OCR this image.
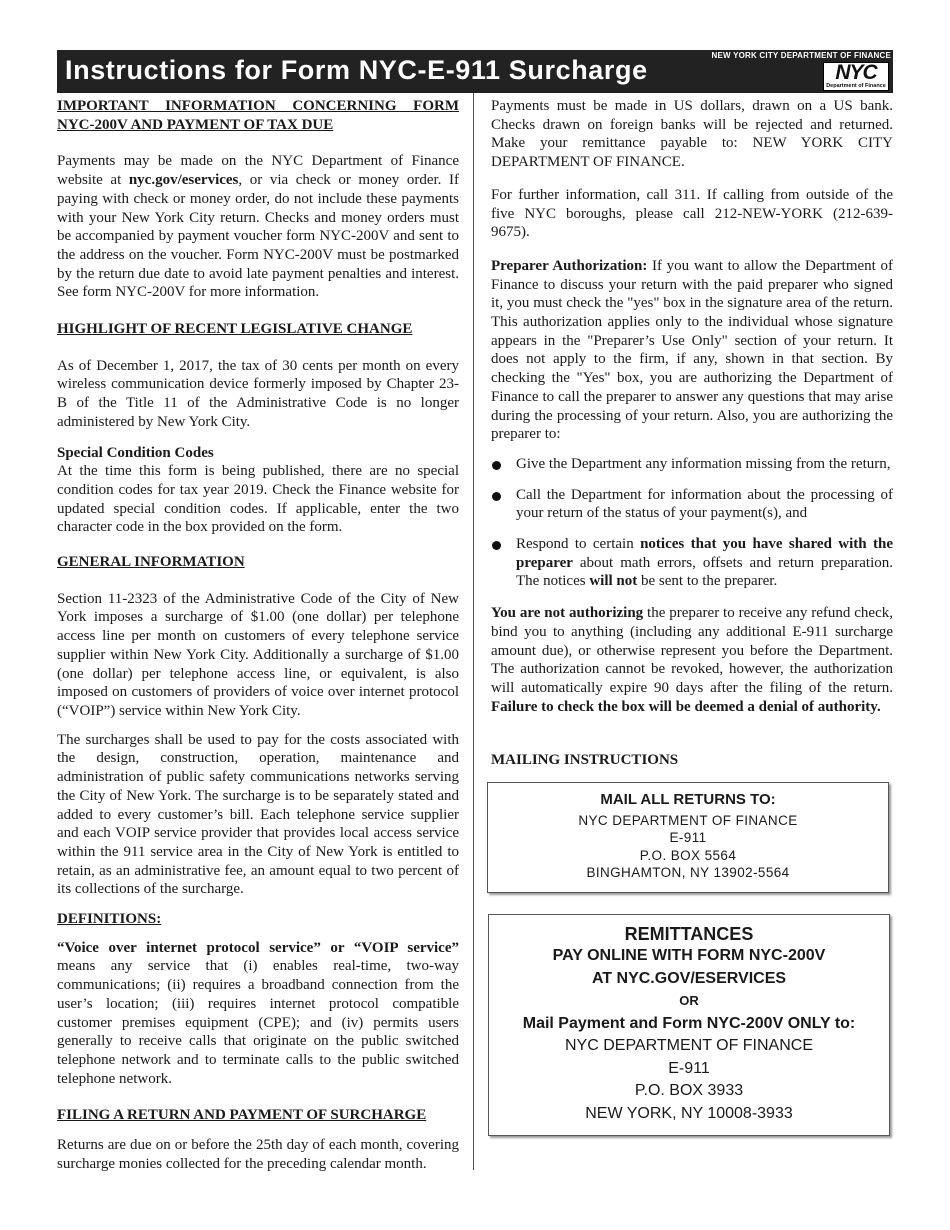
Instructions for Form NYC-E-911 Surcharge	NEW YORK CITY DEPARTMENT OF FINANCE
NYC
Department of Finance

IMPORTANT INFORMATION CONCERNING FORM NYC-200V AND PAYMENT OF TAX DUE

Payments may be made on the NYC Department of Finance website at nyc.gov/eservices, or via check or money order. If paying with check or money order, do not include these payments with your New York City return. Checks and money orders must be accompanied by payment voucher form NYC-200V and sent to the address on the voucher. Form NYC-200V must be postmarked by the return due date to avoid late payment penalties and interest. See form NYC-200V for more information.

HIGHLIGHT OF RECENT LEGISLATIVE CHANGE

As of December 1, 2017, the tax of 30 cents per month on every wireless communication device formerly imposed by Chapter 23-B of the Title 11 of the Administrative Code is no longer administered by New York City.

Special Condition Codes

At the time this form is being published, there are no special condition codes for tax year 2019. Check the Finance website for updated special condition codes. If applicable, enter the two character code in the box provided on the form.

GENERAL INFORMATION

Section 11-2323 of the Administrative Code of the City of New York imposes a surcharge of $1.00 (one dollar) per telephone access line per month on customers of every telephone service supplier within New York City. Additionally a surcharge of $1.00 (one dollar) per telephone access line, or equivalent, is also imposed on customers of providers of voice over internet protocol (“VOIP”) service within New York City.

The surcharges shall be used to pay for the costs associated with the design, construction, operation, maintenance and administration of public safety communications networks serving the City of New York. The surcharge is to be separately stated and added to every customer’s bill. Each telephone service supplier and each VOIP service provider that provides local access service within the 911 service area in the City of New York is entitled to retain, as an administrative fee, an amount equal to two percent of its collections of the surcharge.

DEFINITIONS:

“Voice over internet protocol service” or “VOIP service” means any service that (i) enables real-time, two-way communications; (ii) requires a broadband connection from the user’s location; (iii) requires internet protocol compatible customer premises equipment (CPE); and (iv) permits users generally to receive calls that originate on the public switched telephone network and to terminate calls to the public switched telephone network.

FILING A RETURN AND PAYMENT OF SURCHARGE

Returns are due on or before the 25th day of each month, covering surcharge monies collected for the preceding calendar month.

Payments must be made in US dollars, drawn on a US bank. Checks drawn on foreign banks will be rejected and returned. Make your remittance payable to: NEW YORK CITY DEPARTMENT OF FINANCE.

For further information, call 311. If calling from outside of the five NYC boroughs, please call 212-NEW-YORK (212-639-9675).

Preparer Authorization: If you want to allow the Department of Finance to discuss your return with the paid preparer who signed it, you must check the "yes" box in the signature area of the return. This authorization applies only to the individual whose signature appears in the "Preparer’s Use Only" section of your return. It does not apply to the firm, if any, shown in that section. By checking the "Yes" box, you are authorizing the Department of Finance to call the preparer to answer any questions that may arise during the processing of your return. Also, you are authorizing the preparer to:

Give the Department any information missing from the return,
Call the Department for information about the processing of your return of the status of your payment(s), and
Respond to certain notices that you have shared with the preparer about math errors, offsets and return preparation. The notices will not be sent to the preparer.

You are not authorizing the preparer to receive any refund check, bind you to anything (including any additional E-911 surcharge amount due), or otherwise represent you before the Department. The authorization cannot be revoked, however, the authorization will automatically expire 90 days after the filing of the return. Failure to check the box will be deemed a denial of authority.

MAILING INSTRUCTIONS

MAIL ALL RETURNS TO:
NYC DEPARTMENT OF FINANCE
E-911
P.O. BOX 5564
BINGHAMTON, NY 13902-5564
REMITTANCES
PAY ONLINE WITH FORM NYC-200V
AT NYC.GOV/ESERVICES
OR
Mail Payment and Form NYC-200V ONLY to:
NYC DEPARTMENT OF FINANCE
E-911
P.O. BOX 3933
NEW YORK, NY 10008-3933
